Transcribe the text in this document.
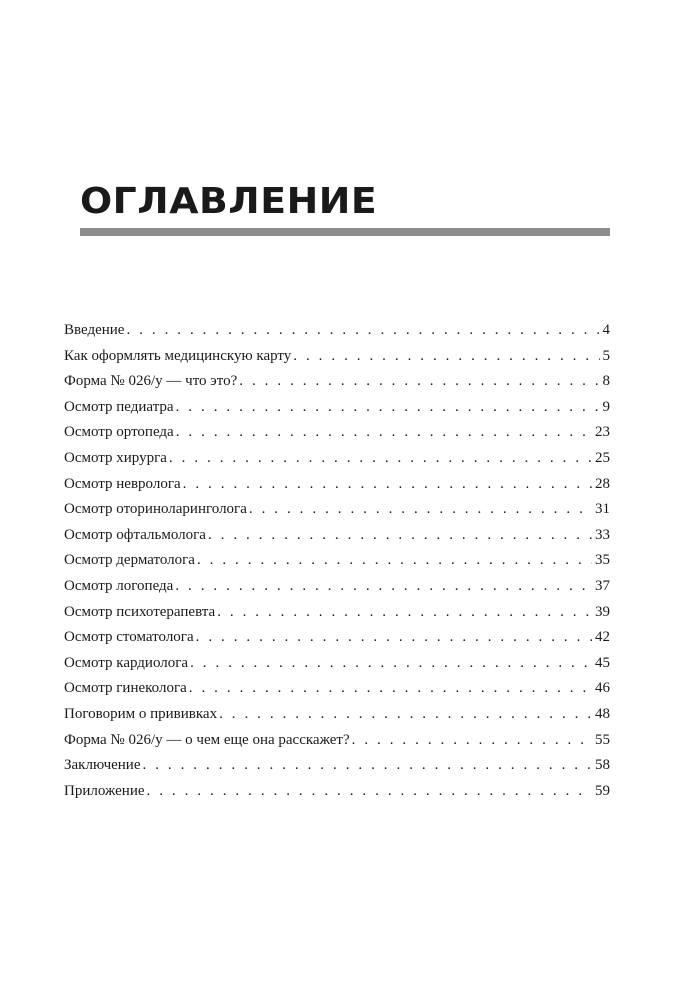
ОГЛАВЛЕНИЕ
Введение . . .	4
Как оформлять медицинскую карту . . .	5
Форма № 026/у — что это? . . .	8
Осмотр педиатра . . .	9
Осмотр ортопеда . . .	23
Осмотр хирурга . . .	25
Осмотр невролога . . .	28
Осмотр оториноларинголога . . .	31
Осмотр офтальмолога . . .	33
Осмотр дерматолога . . .	35
Осмотр логопеда . . .	37
Осмотр психотерапевта . . .	39
Осмотр стоматолога . . .	42
Осмотр кардиолога . . .	45
Осмотр гинеколога . . .	46
Поговорим о прививках . . .	48
Форма № 026/у — о чем еще она расскажет? . . .	55
Заключение . . .	58
Приложение . . .	59
